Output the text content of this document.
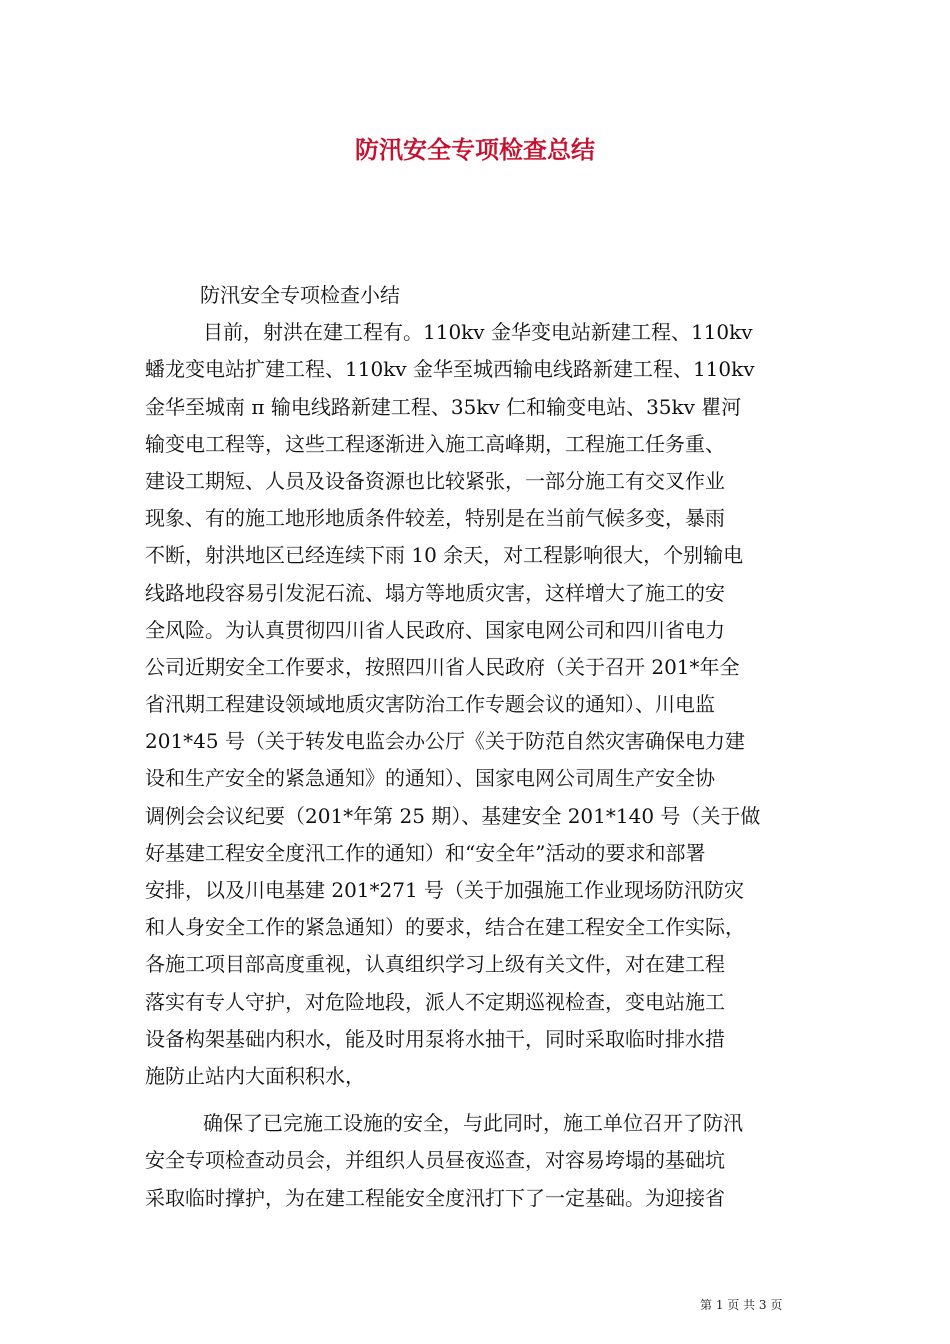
防汛安全专项检查总结
防汛安全专项检查小结
目前，射洪在建工程有。110kv 金华变电站新建工程、110kv
蟠龙变电站扩建工程、110kv 金华至城西输电线路新建工程、110kv
金华至城南 π 输电线路新建工程、35kv 仁和输变电站、35kv 瞿河
输变电工程等，这些工程逐渐进入施工高峰期，工程施工任务重、
建设工期短、人员及设备资源也比较紧张，一部分施工有交叉作业
现象、有的施工地形地质条件较差，特别是在当前气候多变，暴雨
不断，射洪地区已经连续下雨 10 余天，对工程影响很大，个别输电
线路地段容易引发泥石流、塌方等地质灾害，这样增大了施工的安
全风险。为认真贯彻四川省人民政府、国家电网公司和四川省电力
公司近期安全工作要求，按照四川省人民政府（关于召开 201*年全
省汛期工程建设领域地质灾害防治工作专题会议的通知）、川电监
201*45 号（关于转发电监会办公厅《关于防范自然灾害确保电力建
设和生产安全的紧急通知》的通知）、国家电网公司周生产安全协
调例会会议纪要（201*年第 25 期）、基建安全 201*140 号（关于做
好基建工程安全度汛工作的通知）和“安全年”活动的要求和部署
安排，以及川电基建 201*271 号（关于加强施工作业现场防汛防灾
和人身安全工作的紧急通知）的要求，结合在建工程安全工作实际，
各施工项目部高度重视，认真组织学习上级有关文件，对在建工程
落实有专人守护，对危险地段，派人不定期巡视检查，变电站施工
设备构架基础内积水，能及时用泵将水抽干，同时采取临时排水措
施防止站内大面积积水，
确保了已完施工设施的安全，与此同时，施工单位召开了防汛
安全专项检查动员会，并组织人员昼夜巡查，对容易垮塌的基础坑
采取临时撑护，为在建工程能安全度汛打下了一定基础。为迎接省
第 1 页 共 3 页
